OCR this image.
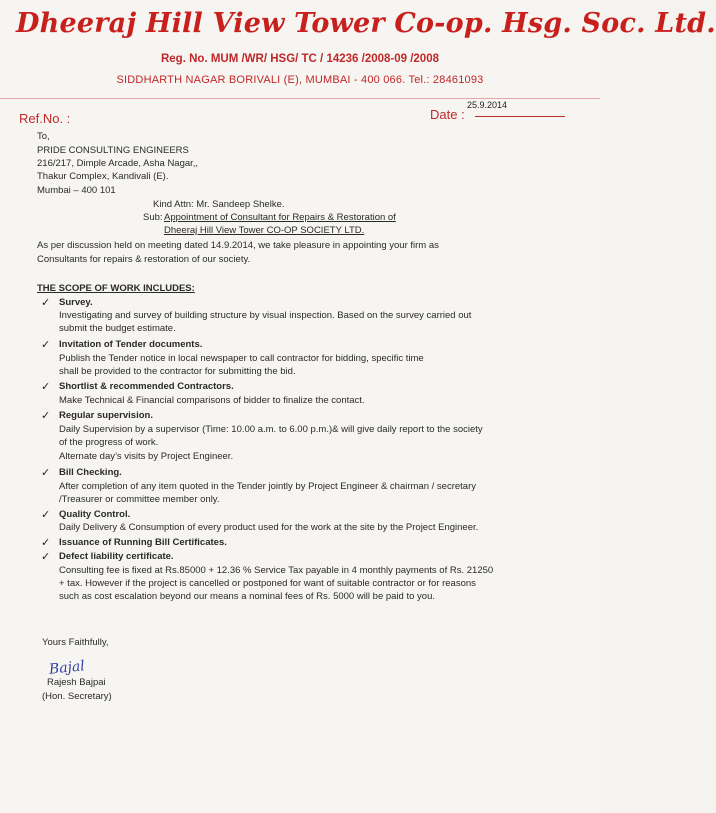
Dheeraj Hill View Tower Co-op. Hsg. Soc. Ltd.
Reg. No. MUM /WR/ HSG/ TC / 14236 /2008-09 /2008
SIDDHARTH NAGAR BORIVALI (E), MUMBAI - 400 066. Tel.: 28461093
Ref.No. :	Date :
25.9.2014
To,
PRIDE CONSULTING ENGINEERS
216/217, Dimple Arcade, Asha Nagar,,
Thakur Complex, Kandivali (E).
Mumbai – 400 101
Kind Attn: Mr. Sandeep Shelke.
Sub: Appointment of Consultant for Repairs & Restoration of
Dheeraj Hill View Tower CO-OP SOCIETY LTD.
As per discussion held on meeting dated 14.9.2014, we take pleasure in appointing your firm as
Consultants for repairs & restoration of our society.
THE SCOPE OF WORK INCLUDES:
✓ Survey.
Investigating and survey of building structure by visual inspection. Based on the survey carried out
submit the budget estimate.
✓ Invitation of Tender documents.
Publish the Tender notice in local newspaper to call contractor for bidding, specific time
shall be provided to the contractor for submitting the bid.
✓ Shortlist & recommended Contractors.
Make Technical & Financial comparisons of bidder to finalize the contact.
✓ Regular supervision.
Daily Supervision by a supervisor (Time: 10.00 a.m. to 6.00 p.m.)& will give daily report to the society
of the progress of work.
Alternate day’s visits by Project Engineer.
✓ Bill Checking.
After completion of any item quoted in the Tender jointly by Project Engineer & chairman / secretary
/Treasurer or committee member only.
✓ Quality Control.
Daily Delivery & Consumption of every product used for the work at the site by the Project Engineer.
✓ Issuance of Running Bill Certificates.
✓ Defect liability certificate.
Consulting fee is fixed at Rs.85000 + 12.36 % Service Tax payable in 4 monthly payments of Rs. 21250
+ tax. However if the project is cancelled or postponed for want of suitable contractor or for reasons
such as cost escalation beyond our means a nominal fees of Rs. 5000 will be paid to you.
Yours Faithfully,
Bajal
Rajesh Bajpai
(Hon. Secretary)
